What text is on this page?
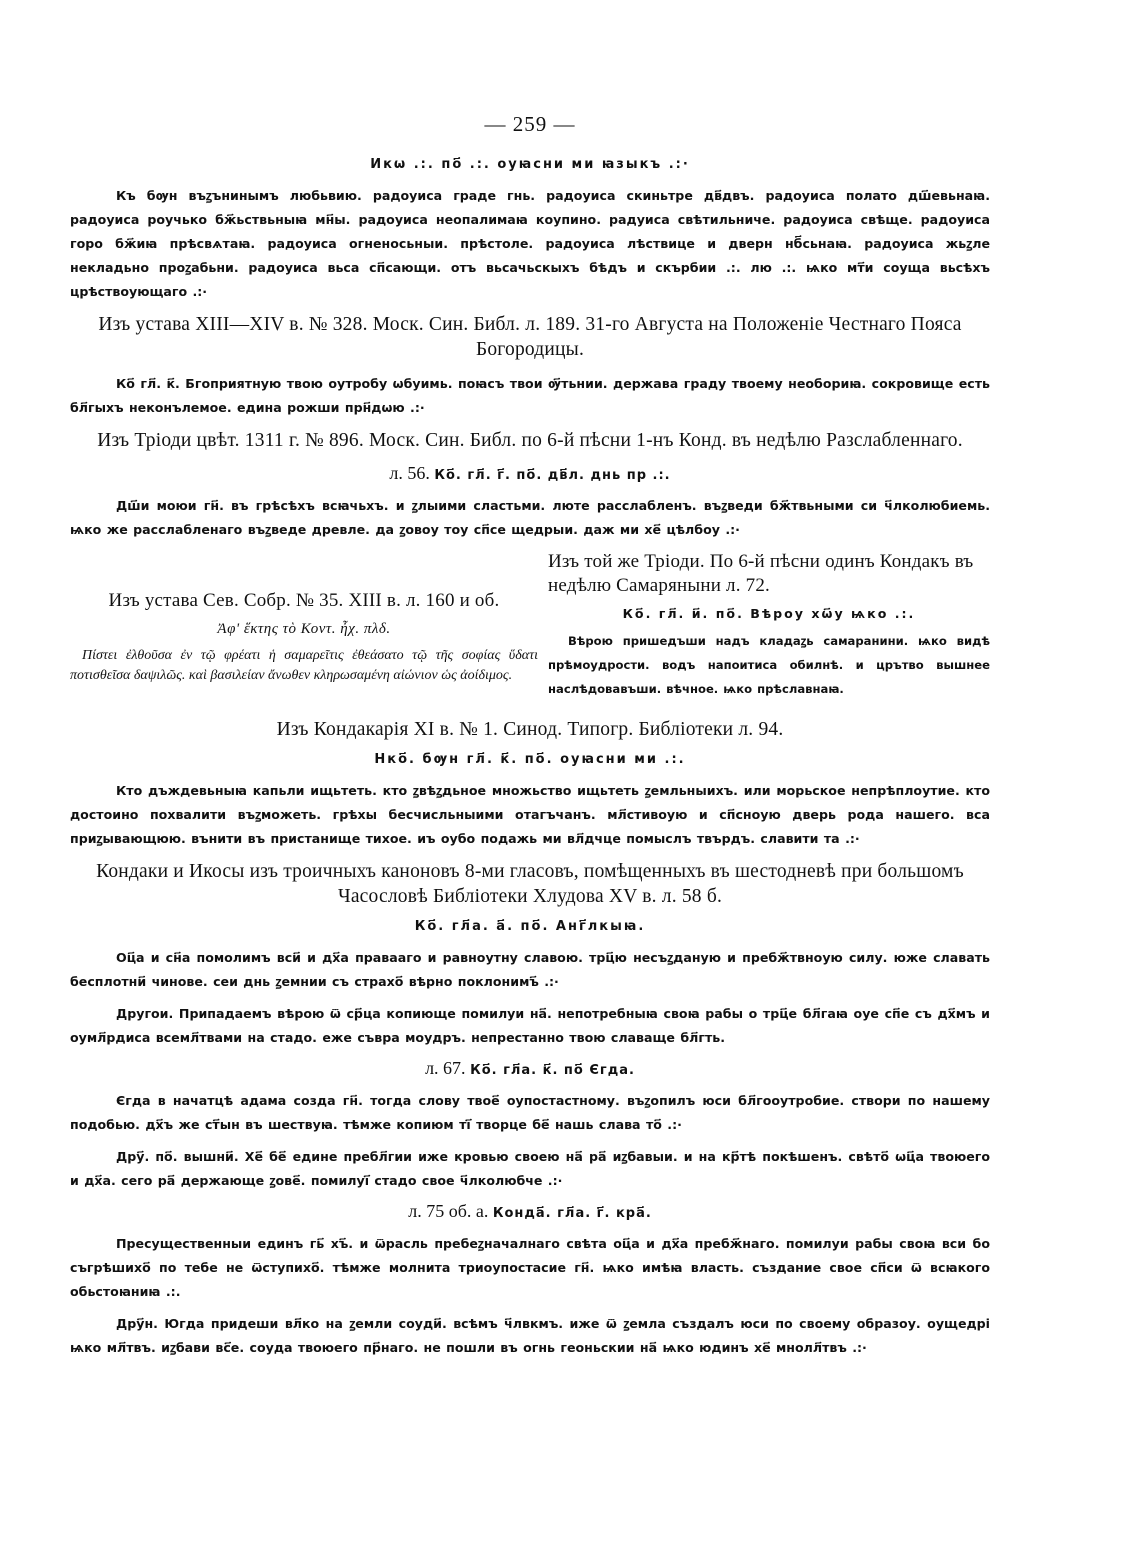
— 259 —
Икѡ .:. по҃ .:. оуꙗсни ми ꙗзыкъ .:·

Къ бѹн въꙁънинымъ любьвию. радоуиса граде гнь. радоуиса скиньтре дв҃двъ. радоуиса полато дш҃евьнаꙗ. радоуиса роучько бж҃ьствьныꙗ мн҃ы. радоуиса неопалимаꙗ коупино. радуиса свѣтильниче. радоуиса свѣще. радоуиса горо бж҃иꙗ прѣсвѧтаꙗ. радоуиса огненосьныи. прѣстоле. радоуиса лѣствице и дверн нб҃сьнаꙗ. радоуиса жьꙁле некладьно проꙁабьни. радоуиса вьса сп҃сающи. отъ вьсачьскыхъ бѣдъ и скърбии .:. лю .:. ѩко мт҃и соуща вьсѣхъ црѣствоующаго .:·

Изъ устава XIII—XIV в. № 328. Моск. Син. Библ. л. 189. 31-го Августа на Положеніе Честнаго Пояса Богородицы.

Ко҃ гл҃. к҃. Бгоприятную твою оутробу ѡбуимь. поꙗсъ твои ѹ҃тьнии. держава граду твоему необориꙗ. сокровище есть бл҃гыхъ неконълемое. едина рожши прн҃дѡю .:·

Изъ Тріоди цвѣт. 1311 г. № 896. Моск. Син. Библ. по 6-й пѣсни 1-нъ Конд. въ недѣлю Разслабленнаго.
л. 56. Ко҃. гл҃. г҃. по҃. дв҃л. днь пр .:.

Дш҃и моюи гн҃. въ грѣсѣхъ всꙗчьхъ. и ꙁлыими сластьми. люте расслабленъ. въꙁведи бж҃твьными си ч҃лколюбиемь. ѩко же расслабленаго въꙁведе древле. да ꙁовоу тоу сп҃се щедрыи. даж ми хе҃ цѣлбоу .:·

Изъ устава Сев. Собр. № 35. XIII в. л. 160 и об.
Ἀφ' ἕκτης τὸ Κοντ. ἦχ. πλδ.

Πίστει ἐλθοῦσα ἐν τῷ φρέατι ἡ σαμαρεῖτις ἐθεάσατο τῷ τῆς σοφίας ὕδατι ποτισθεῖσα δαψιλῶς. καὶ βασιλείαν ἄνωθεν κληρωσαμένη αἰώνιον ὡς ἀοίδιμος.

Изъ той же Тріоди. По 6-й пѣсни одинъ Кондакъ въ недѣлю Самаряныни л. 72.
Ко҃. гл҃. и҃. по҃. Вѣроу хѡ҃у ѩко .:.

Вѣрою пришедъши надъ кладаꙁь самаранини. ѩко видѣ прѣмоудрости. водъ напоитиса обилнѣ. и црътво вышнее наслѣдовавъши. вѣчное. ѩко прѣславнаꙗ.

Изъ Кондакарія XI в. № 1. Синод. Типогр. Библіотеки л. 94.
Нко҃. бѹн гл҃. к҃. по҃. оуꙗсни ми .:.

Кто дъждевьныꙗ капьли ищьтеть. кто ꙁвѣꙁдьное множьство ищьтеть ꙁемльныихъ. или морьское непрѣплоутие. кто достоино похвалити въꙁможеть. грѣхы бесчисльныими отагъчанъ. мл҃стивоую и сп҃сноую дверь рода нашего. вса приꙁывающюю. вънити въ пристанище тихое. иъ оубо подажь ми вл҃дчце помыслъ твърдъ. славити та .:·

Кондаки и Икосы изъ троичныхъ каноновъ 8-ми гласовъ, помѣщенныхъ въ шестодневѣ при большомъ Часословѣ Библіотеки Хлудова XV в. л. 58 б.
Ко҃. гл҃а. а҃. по҃. Анг҃лкыꙗ.

Оц҃а и сн҃а помолимъ вси҃ и дх҃а правааго и равноутну славою. трц҃ю несъꙁданую и пребж҃твноую силу. юже славать бесплотни҃ чинове. сеи днь ꙁемнии съ страхо҃ вѣрно поклонимъ҃ .:·

Другои. Припадаемъ вѣрою ѿ ср҃ца копиюще помилуи на҃. непотребныꙗ своꙗ рабы о трц҃е бл҃гаꙗ оуе сп҃е съ дх҃мъ и оумл҃рдиса всемл҃твами на стадо. еже съвра моудръ. непрестанно твою славаще бл҃гть.

л. 67. Ко҃. гл҃а. к҃. по҃ Єгда.

Єгда в начатцѣ адама созда гн҃. тогда слову твое҃ оупостастному. въꙁопилъ юси бл҃гооутробие. створи по нашему подобью. дх҃ъ же ст҃ын въ шествуꙗ. тѣмже копиюм ті҃ творце бе҃ нашь слава то҃ .:·

Дру҃. по҃. вышни҃. Хе҃ бе҃ едине пребл҃гии иже кровью своею на҃ ра҃ иꙁбавыи. и на кр҃тѣ покѣшенъ. свѣто҃ ѡц҃а твоюего и дх҃а. сего ра҃ держающе ꙁове҃. помилуі҃ стадо свое ч҃лколюбче .:·

л. 75 об. а. Конда҃. гл҃а. г҃. кра҃.

Пресущественныи единъ гь҃ хъ҃. и ѿрасль пребеꙁначалнаго свѣта оц҃а и дх҃а пребж҃наго. помилуи рабы своꙗ вси бо съгрѣшихо҃ по тебе не ѿступихо҃. тѣмже молнита триоупостасие гн҃. ѩко имѣꙗ власть. създание свое сп҃си ѿ всꙗкого обьстоꙗниꙗ .:.

Дру҃н. Югда придеши вл҃ко на ꙁемли соуди҃. всѣмъ ч҃лвкмъ. иже ѿ ꙁемла създалъ юси по своему образоу. оущедрі ѩко мл҃твъ. иꙁбави вс҃е. соуда твоюего пр҃наго. не пошли въ огнь геоньскии на҃ ѩко юдинъ хе҃ мнолл҃твъ .:·
